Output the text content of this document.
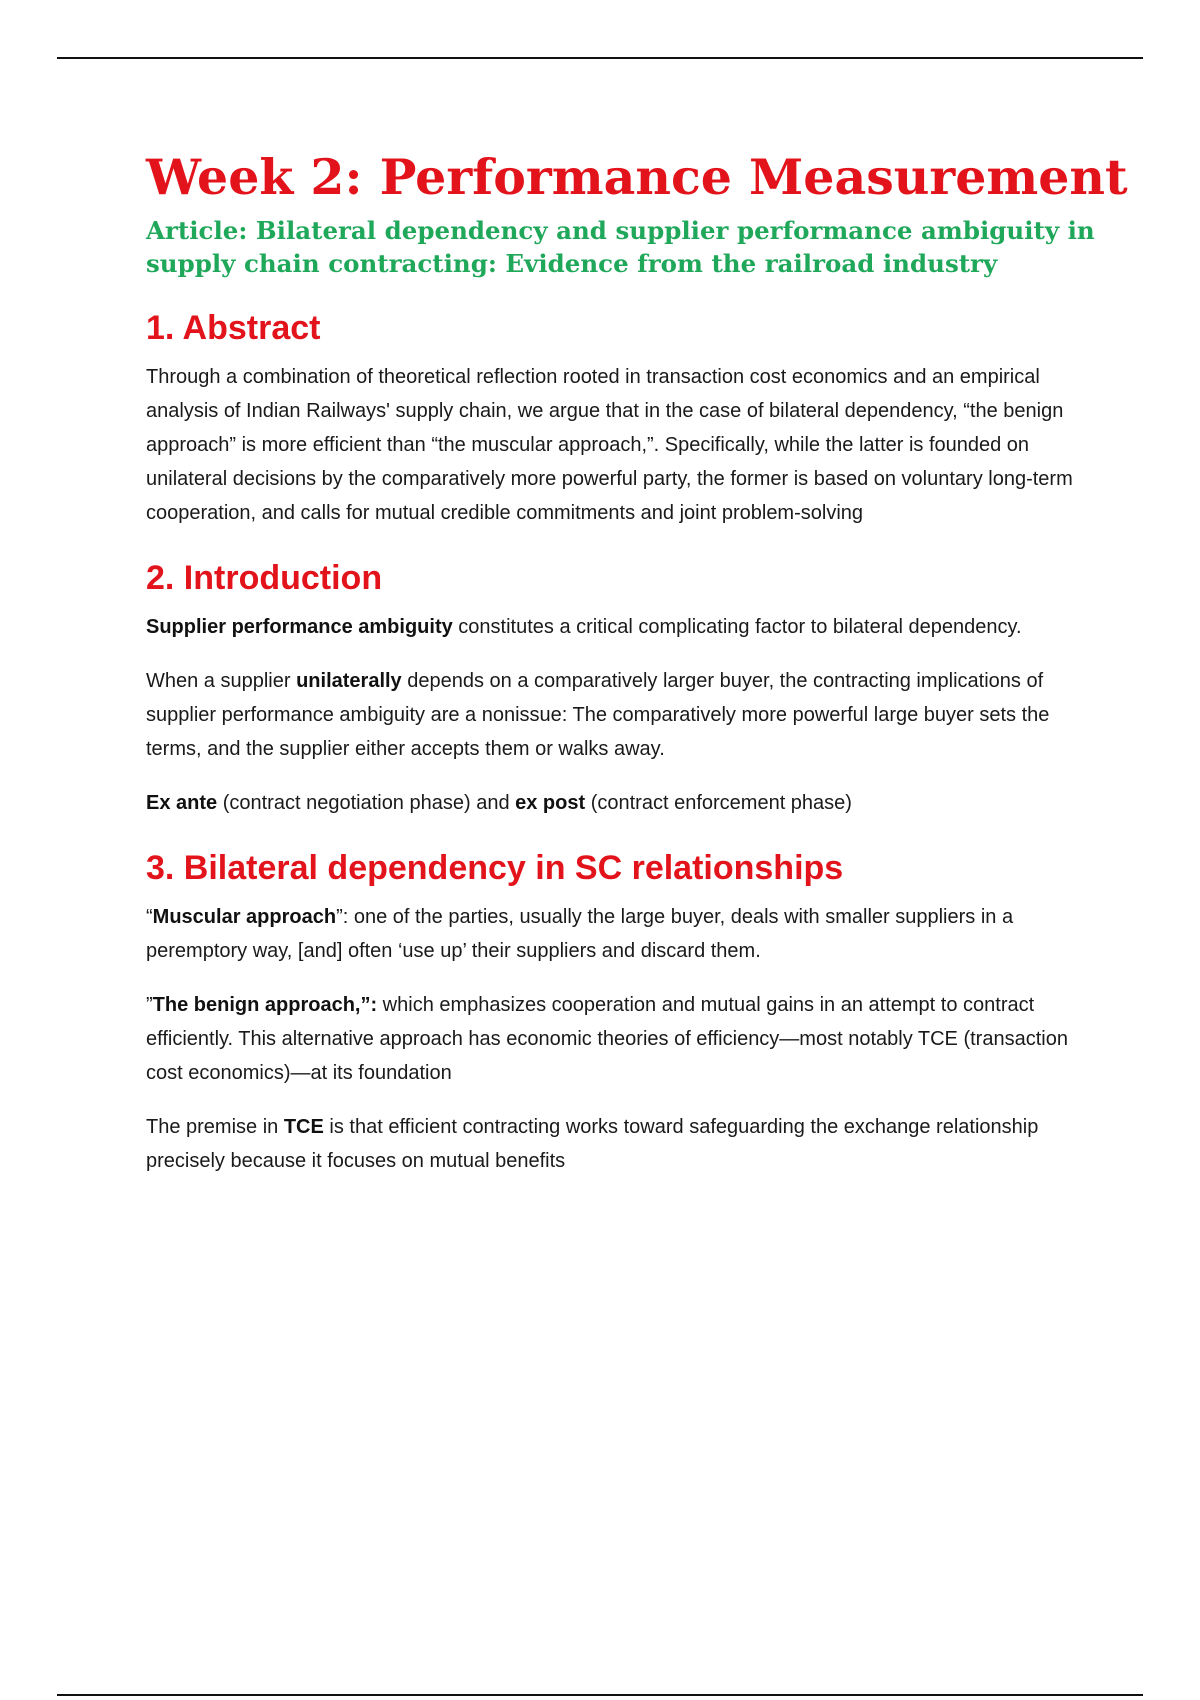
Week 2: Performance Measurement
Article: Bilateral dependency and supplier performance ambiguity in supply chain contracting: Evidence from the railroad industry
1. Abstract

Through a combination of theoretical reflection rooted in transaction cost economics and an empirical analysis of Indian Railways' supply chain, we argue that in the case of bilateral dependency, “the benign approach” is more efficient than “the muscular approach,”. Specifically, while the latter is founded on unilateral decisions by the comparatively more powerful party, the former is based on voluntary long-term cooperation, and calls for mutual credible commitments and joint problem-solving

2. Introduction

Supplier performance ambiguity constitutes a critical complicating factor to bilateral dependency.

When a supplier unilaterally depends on a comparatively larger buyer, the contracting implications of supplier performance ambiguity are a nonissue: The comparatively more powerful large buyer sets the terms, and the supplier either accepts them or walks away.

Ex ante (contract negotiation phase) and ex post (contract enforcement phase)

3. Bilateral dependency in SC relationships

“Muscular approach”: one of the parties, usually the large buyer, deals with smaller suppliers in a peremptory way, [and] often ‘use up’ their suppliers and discard them.

”The benign approach,”: which emphasizes cooperation and mutual gains in an attempt to contract efficiently. This alternative approach has economic theories of efficiency—most notably TCE (transaction cost economics)—at its foundation

The premise in TCE is that efficient contracting works toward safeguarding the exchange relationship precisely because it focuses on mutual benefits
